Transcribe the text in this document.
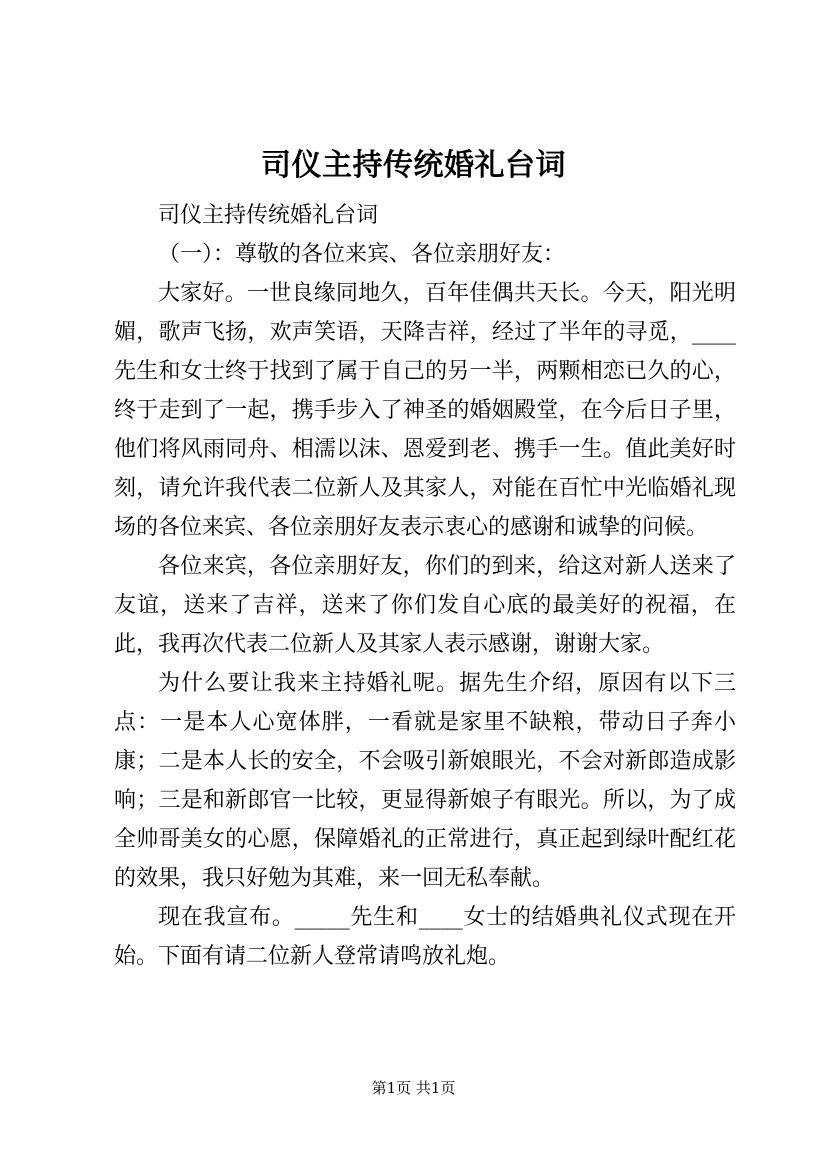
司仪主持传统婚礼台词

司仪主持传统婚礼台词

（一）：尊敬的各位来宾、各位亲朋好友：

大家好。一世良缘同地久，百年佳偶共天长。今天，阳光明媚，歌声飞扬，欢声笑语，天降吉祥，经过了半年的寻觅，____先生和女士终于找到了属于自己的另一半，两颗相恋已久的心，终于走到了一起，携手步入了神圣的婚姻殿堂，在今后日子里，他们将风雨同舟、相濡以沫、恩爱到老、携手一生。值此美好时刻，请允许我代表二位新人及其家人，对能在百忙中光临婚礼现场的各位来宾、各位亲朋好友表示衷心的感谢和诚挚的问候。

各位来宾，各位亲朋好友，你们的到来，给这对新人送来了友谊，送来了吉祥，送来了你们发自心底的最美好的祝福，在此，我再次代表二位新人及其家人表示感谢，谢谢大家。

为什么要让我来主持婚礼呢。据先生介绍，原因有以下三点：一是本人心宽体胖，一看就是家里不缺粮，带动日子奔小康；二是本人长的安全，不会吸引新娘眼光，不会对新郎造成影响；三是和新郎官一比较，更显得新娘子有眼光。所以，为了成全帅哥美女的心愿，保障婚礼的正常进行，真正起到绿叶配红花的效果，我只好勉为其难，来一回无私奉献。

现在我宣布。_____先生和____女士的结婚典礼仪式现在开始。下面有请二位新人登常请鸣放礼炮。

第1页 共1页
